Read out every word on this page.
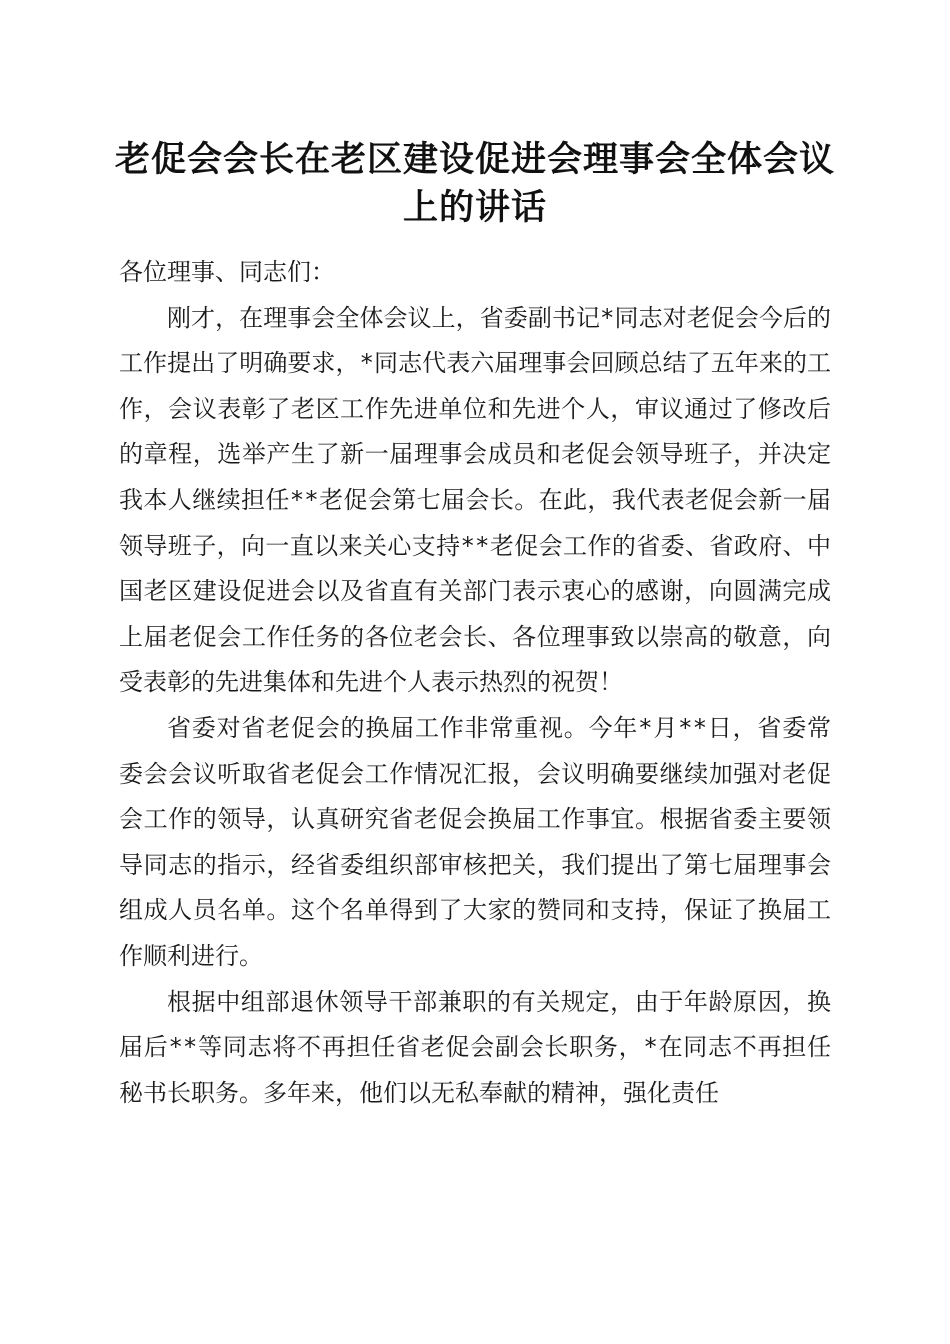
老促会会长在老区建设促进会理事会全体会议上的讲话

各位理事、同志们：

刚才，在理事会全体会议上，省委副书记*同志对老促会今后的工作提出了明确要求，*同志代表六届理事会回顾总结了五年来的工作，会议表彰了老区工作先进单位和先进个人，审议通过了修改后的章程，选举产生了新一届理事会成员和老促会领导班子，并决定我本人继续担任**老促会第七届会长。在此，我代表老促会新一届领导班子，向一直以来关心支持**老促会工作的省委、省政府、中国老区建设促进会以及省直有关部门表示衷心的感谢，向圆满完成上届老促会工作任务的各位老会长、各位理事致以崇高的敬意，向受表彰的先进集体和先进个人表示热烈的祝贺！

省委对省老促会的换届工作非常重视。今年*月**日，省委常委会会议听取省老促会工作情况汇报，会议明确要继续加强对老促会工作的领导，认真研究省老促会换届工作事宜。根据省委主要领导同志的指示，经省委组织部审核把关，我们提出了第七届理事会组成人员名单。这个名单得到了大家的赞同和支持，保证了换届工作顺利进行。

根据中组部退休领导干部兼职的有关规定，由于年龄原因，换届后**等同志将不再担任省老促会副会长职务，*在同志不再担任秘书长职务。多年来，他们以无私奉献的精神，强化责任
